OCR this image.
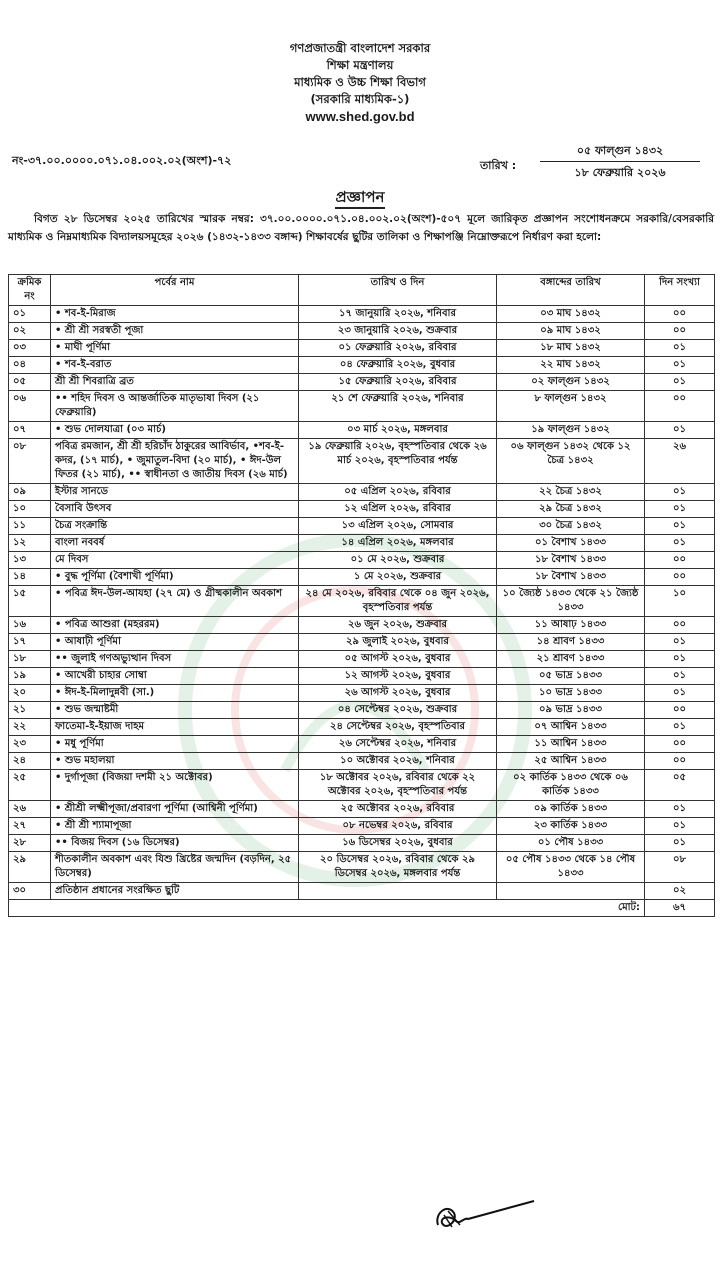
গণপ্রজাতন্ত্রী বাংলাদেশ সরকার
শিক্ষা মন্ত্রণালয়
মাধ্যমিক ও উচ্চ শিক্ষা বিভাগ
(সরকারি মাধ্যমিক-১)
www.shed.gov.bd
নং-৩৭.০০.০০০০.০৭১.০৪.০০২.০২(অংশ)-৭২	তারিখ :
০৫ ফাল্গুন ১৪৩২
১৮ ফেব্রুয়ারি ২০২৬
প্রজ্ঞাপন
বিগত ২৮ ডিসেম্বর ২০২৫ তারিখের স্মারক নম্বর: ৩৭.০০.০০০০.০৭১.০৪.০০২.০২(অংশ)-৫০৭ মূলে জারিকৃত প্রজ্ঞাপন সংশোধনক্রমে সরকারি/বেসরকারি মাধ্যমিক ও নিম্নমাধ্যমিক বিদ্যালয়সমূহের ২০২৬ (১৪৩২-১৪৩৩ বঙ্গাব্দ) শিক্ষাবর্ষের ছুটির তালিকা ও শিক্ষাপঞ্জি নিম্নোক্তরূপে নির্ধারণ করা হলো:
ক্রমিক নং	পর্বের নাম	তারিখ ও দিন	বঙ্গাব্দের তারিখ	দিন সংখ্যা
০১	• শব-ই-মিরাজ	১৭ জানুয়ারি ২০২৬, শনিবার	০৩ মাঘ ১৪৩২	০০
০২	• শ্রী শ্রী সরস্বতী পূজা	২৩ জানুয়ারি ২০২৬, শুক্রবার	০৯ মাঘ ১৪৩২	০০
০৩	• মাঘী পূর্ণিমা	০১ ফেব্রুয়ারি ২০২৬, রবিবার	১৮ মাঘ ১৪৩২	০১
০৪	• শব-ই-বরাত	০৪ ফেব্রুয়ারি ২০২৬, বুধবার	২২ মাঘ ১৪৩২	০১
০৫	শ্রী শ্রী শিবরাত্রি ব্রত	১৫ ফেব্রুয়ারি ২০২৬, রবিবার	০২ ফাল্গুন ১৪৩২	০১
০৬	•• শহিদ দিবস ও আন্তর্জাতিক মাতৃভাষা দিবস (২১ ফেব্রুয়ারি)	২১ শে ফেব্রুয়ারি ২০২৬, শনিবার	৮ ফাল্গুন ১৪৩২	০০
০৭	• শুভ দোলযাত্রা (০৩ মার্চ)	০৩ মার্চ ২০২৬, মঙ্গলবার	১৯ ফাল্গুন ১৪৩২	০১
০৮	পবিত্র রমজান, শ্রী শ্রী হরিচাঁদ ঠাকুরের আবির্ভাব, •শব-ই-কদর, (১৭ মার্চ), • জুমাতুল-বিদা (২০ মার্চ), • ঈদ-উল ফিতর (২১ মার্চ), •• স্বাধীনতা ও জাতীয় দিবস (২৬ মার্চ)	১৯ ফেব্রুয়ারি ২০২৬, বৃহস্পতিবার থেকে ২৬ মার্চ ২০২৬, বৃহস্পতিবার পর্যন্ত	০৬ ফাল্গুন ১৪৩২ থেকে ১২ চৈত্র ১৪৩২	২৬
০৯	ইস্টার সানডে	০৫ এপ্রিল ২০২৬, রবিবার	২২ চৈত্র ১৪৩২	০১
১০	বৈসাবি উৎসব	১২ এপ্রিল ২০২৬, রবিবার	২৯ চৈত্র ১৪৩২	০১
১১	চৈত্র সংক্রান্তি	১৩ এপ্রিল ২০২৬, সোমবার	৩০ চৈত্র ১৪৩২	০১
১২	বাংলা নববর্ষ	১৪ এপ্রিল ২০২৬, মঙ্গলবার	০১ বৈশাখ ১৪৩৩	০১
১৩	মে দিবস	০১ মে ২০২৬, শুক্রবার	১৮ বৈশাখ ১৪৩৩	০০
১৪	• বুদ্ধ পূর্ণিমা (বৈশাখী পূর্ণিমা)	১ মে ২০২৬, শুক্রবার	১৮ বৈশাখ ১৪৩৩	০০
১৫	• পবিত্র ঈদ-উল-আযহা (২৭ মে) ও গ্রীষ্মকালীন অবকাশ	২৪ মে ২০২৬, রবিবার থেকে ০৪ জুন ২০২৬, বৃহস্পতিবার পর্যন্ত	১০ জ্যৈষ্ঠ ১৪৩৩ থেকে ২১ জ্যৈষ্ঠ ১৪৩৩	১০
১৬	• পবিত্র আশুরা (মহররম)	২৬ জুন ২০২৬, শুক্রবার	১১ আষাঢ় ১৪৩৩	০০
১৭	• আষাঢ়ী পূর্ণিমা	২৯ জুলাই ২০২৬, বুধবার	১৪ শ্রাবণ ১৪৩৩	০১
১৮	•• জুলাই গণঅভ্যুত্থান দিবস	০৫ আগস্ট ২০২৬, বুধবার	২১ শ্রাবণ ১৪৩৩	০১
১৯	• আখেরী চাহার সোম্বা	১২ আগস্ট ২০২৬, বুধবার	০৫ ভাদ্র ১৪৩৩	০১
২০	• ঈদ-ই-মিলাদুন্নবী (সা.)	২৬ আগস্ট ২০২৬, বুধবার	১০ ভাদ্র ১৪৩৩	০১
২১	• শুভ জন্মাষ্টমী	০৪ সেপ্টেম্বর ২০২৬, শুক্রবার	০৯ ভাদ্র ১৪৩৩	০০
২২	ফাতেমা-ই-ইয়াজ দাহম	২৪ সেপ্টেম্বর ২০২৬, বৃহস্পতিবার	০৭ আশ্বিন ১৪৩৩	০১
২৩	• মধু পূর্ণিমা	২৬ সেপ্টেম্বর ২০২৬, শনিবার	১১ আশ্বিন ১৪৩৩	০০
২৪	• শুভ মহালয়া	১০ অক্টোবর ২০২৬, শনিবার	২৫ আশ্বিন ১৪৩৩	০০
২৫	• দুর্গাপূজা (বিজয়া দশমী ২১ অক্টোবর)	১৮ অক্টোবর ২০২৬, রবিবার থেকে ২২ অক্টোবর ২০২৬, বৃহস্পতিবার পর্যন্ত	০২ কার্তিক ১৪৩৩ থেকে ০৬ কার্তিক ১৪৩৩	০৫
২৬	• শ্রীশ্রী লক্ষ্মীপূজা/প্রবারণা পূর্ণিমা (আশ্বিনী পূর্ণিমা)	২৫ অক্টোবর ২০২৬, রবিবার	০৯ কার্তিক ১৪৩৩	০১
২৭	• শ্রী শ্রী শ্যামাপূজা	০৮ নভেম্বর ২০২৬, রবিবার	২৩ কার্তিক ১৪৩৩	০১
২৮	•• বিজয় দিবস (১৬ ডিসেম্বর)	১৬ ডিসেম্বর ২০২৬, বুধবার	০১ পৌষ ১৪৩৩	০১
২৯	শীতকালীন অবকাশ এবং যিশু খ্রিষ্টের জন্মদিন (বড়দিন, ২৫ ডিসেম্বর)	২০ ডিসেম্বর ২০২৬, রবিবার থেকে ২৯ ডিসেম্বর ২০২৬, মঙ্গলবার পর্যন্ত	০৫ পৌষ ১৪৩৩ থেকে ১৪ পৌষ ১৪৩৩	০৮
৩০	প্রতিষ্ঠান প্রধানের সংরক্ষিত ছুটি			০২
মোট:				৬৭
